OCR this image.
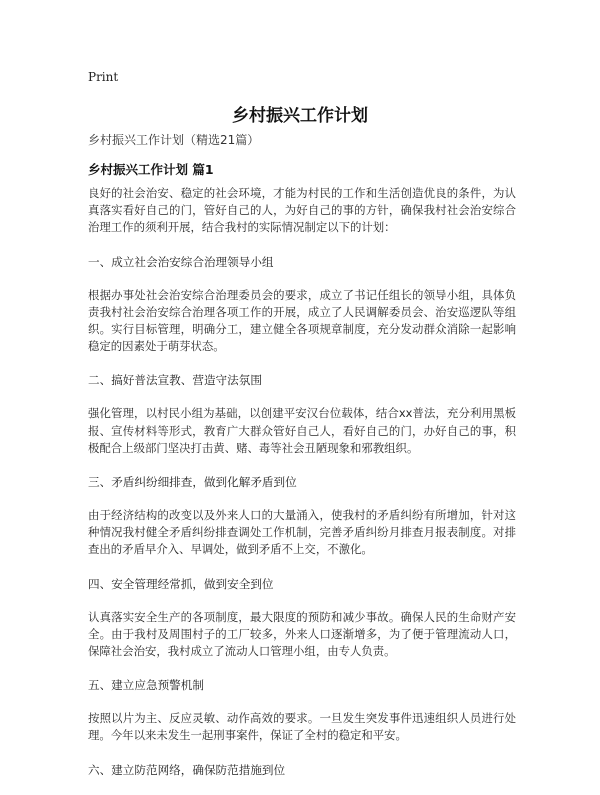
Print
乡村振兴工作计划
乡村振兴工作计划（精选21篇）
乡村振兴工作计划 篇1

良好的社会治安、稳定的社会环境，才能为村民的工作和生活创造优良的条件，为认真落实看好自己的门，管好自己的人，为好自己的事的方针，确保我村社会治安综合治理工作的须利开展，结合我村的实际情况制定以下的计划：

一、成立社会治安综合治理领导小组

根据办事处社会治安综合治理委员会的要求，成立了书记任组长的领导小组，具体负责我村社会治安综合治理各项工作的开展，成立了人民调解委员会、治安巡逻队等组织。实行目标管理，明确分工，建立健全各项规章制度，充分发动群众消除一起影响稳定的因素处于萌芽状态。

二、搞好普法宣教、营造守法氛围

强化管理，以村民小组为基础，以创建平安汉台位载体，结合xx普法，充分利用黑板报、宣传材料等形式，教育广大群众管好自己人，看好自己的门，办好自己的事，积极配合上级部门坚决打击黄、赌、毒等社会丑陋现象和邪教组织。

三、矛盾纠纷细排查，做到化解矛盾到位

由于经济结构的改变以及外来人口的大量涌入，使我村的矛盾纠纷有所增加，针对这种情况我村健全矛盾纠纷排查调处工作机制，完善矛盾纠纷月排查月报表制度。对排查出的矛盾早介入、早调处，做到矛盾不上交，不激化。

四、安全管理经常抓，做到安全到位

认真落实安全生产的各项制度，最大限度的预防和减少事故。确保人民的生命财产安全。由于我村及周围村子的工厂较多，外来人口逐渐增多，为了便于管理流动人口，保障社会治安，我村成立了流动人口管理小组，由专人负责。

五、建立应急预警机制

按照以片为主、反应灵敏、动作高效的要求。一旦发生突发事件迅速组织人员进行处理。今年以来未发生一起刑事案件，保证了全村的稳定和平安。

六、建立防范网络，确保防范措施到位
